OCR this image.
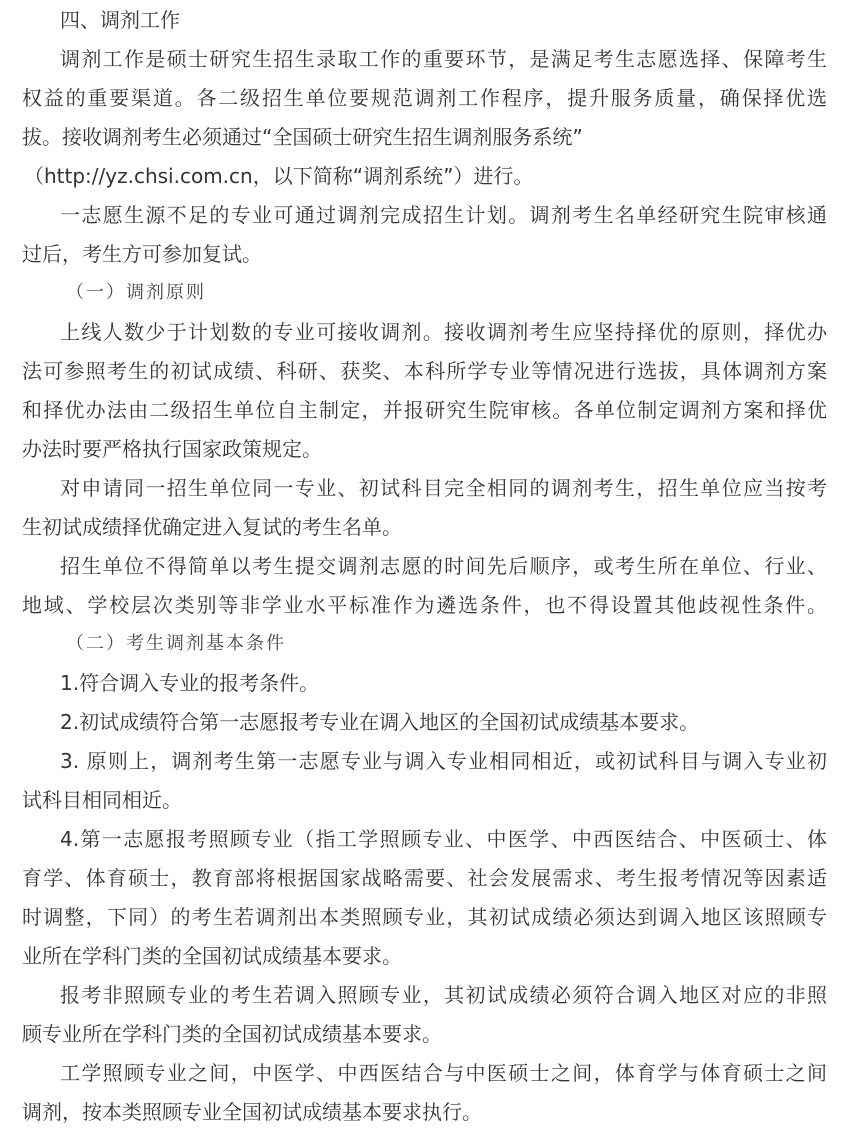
四、调剂工作
调剂工作是硕士研究生招生录取工作的重要环节，是满足考生志愿选择、保障考生
权益的重要渠道。各二级招生单位要规范调剂工作程序，提升服务质量，确保择优选
拔。接收调剂考生必须通过“全国硕士研究生招生调剂服务系统”
（http://yz.chsi.com.cn，以下简称“调剂系统”）进行。
一志愿生源不足的专业可通过调剂完成招生计划。调剂考生名单经研究生院审核通
过后，考生方可参加复试。
（一）调剂原则
上线人数少于计划数的专业可接收调剂。接收调剂考生应坚持择优的原则，择优办
法可参照考生的初试成绩、科研、获奖、本科所学专业等情况进行选拔，具体调剂方案
和择优办法由二级招生单位自主制定，并报研究生院审核。各单位制定调剂方案和择优
办法时要严格执行国家政策规定。
对申请同一招生单位同一专业、初试科目完全相同的调剂考生，招生单位应当按考
生初试成绩择优确定进入复试的考生名单。
招生单位不得简单以考生提交调剂志愿的时间先后顺序，或考生所在单位、行业、
地域、学校层次类别等非学业水平标准作为遴选条件，也不得设置其他歧视性条件。
（二）考生调剂基本条件
1.符合调入专业的报考条件。
2.初试成绩符合第一志愿报考专业在调入地区的全国初试成绩基本要求。
3. 原则上，调剂考生第一志愿专业与调入专业相同相近，或初试科目与调入专业初
试科目相同相近。
4.第一志愿报考照顾专业（指工学照顾专业、中医学、中西医结合、中医硕士、体
育学、体育硕士，教育部将根据国家战略需要、社会发展需求、考生报考情况等因素适
时调整，下同）的考生若调剂出本类照顾专业，其初试成绩必须达到调入地区该照顾专
业所在学科门类的全国初试成绩基本要求。
报考非照顾专业的考生若调入照顾专业，其初试成绩必须符合调入地区对应的非照
顾专业所在学科门类的全国初试成绩基本要求。
工学照顾专业之间，中医学、中西医结合与中医硕士之间，体育学与体育硕士之间
调剂，按本类照顾专业全国初试成绩基本要求执行。
